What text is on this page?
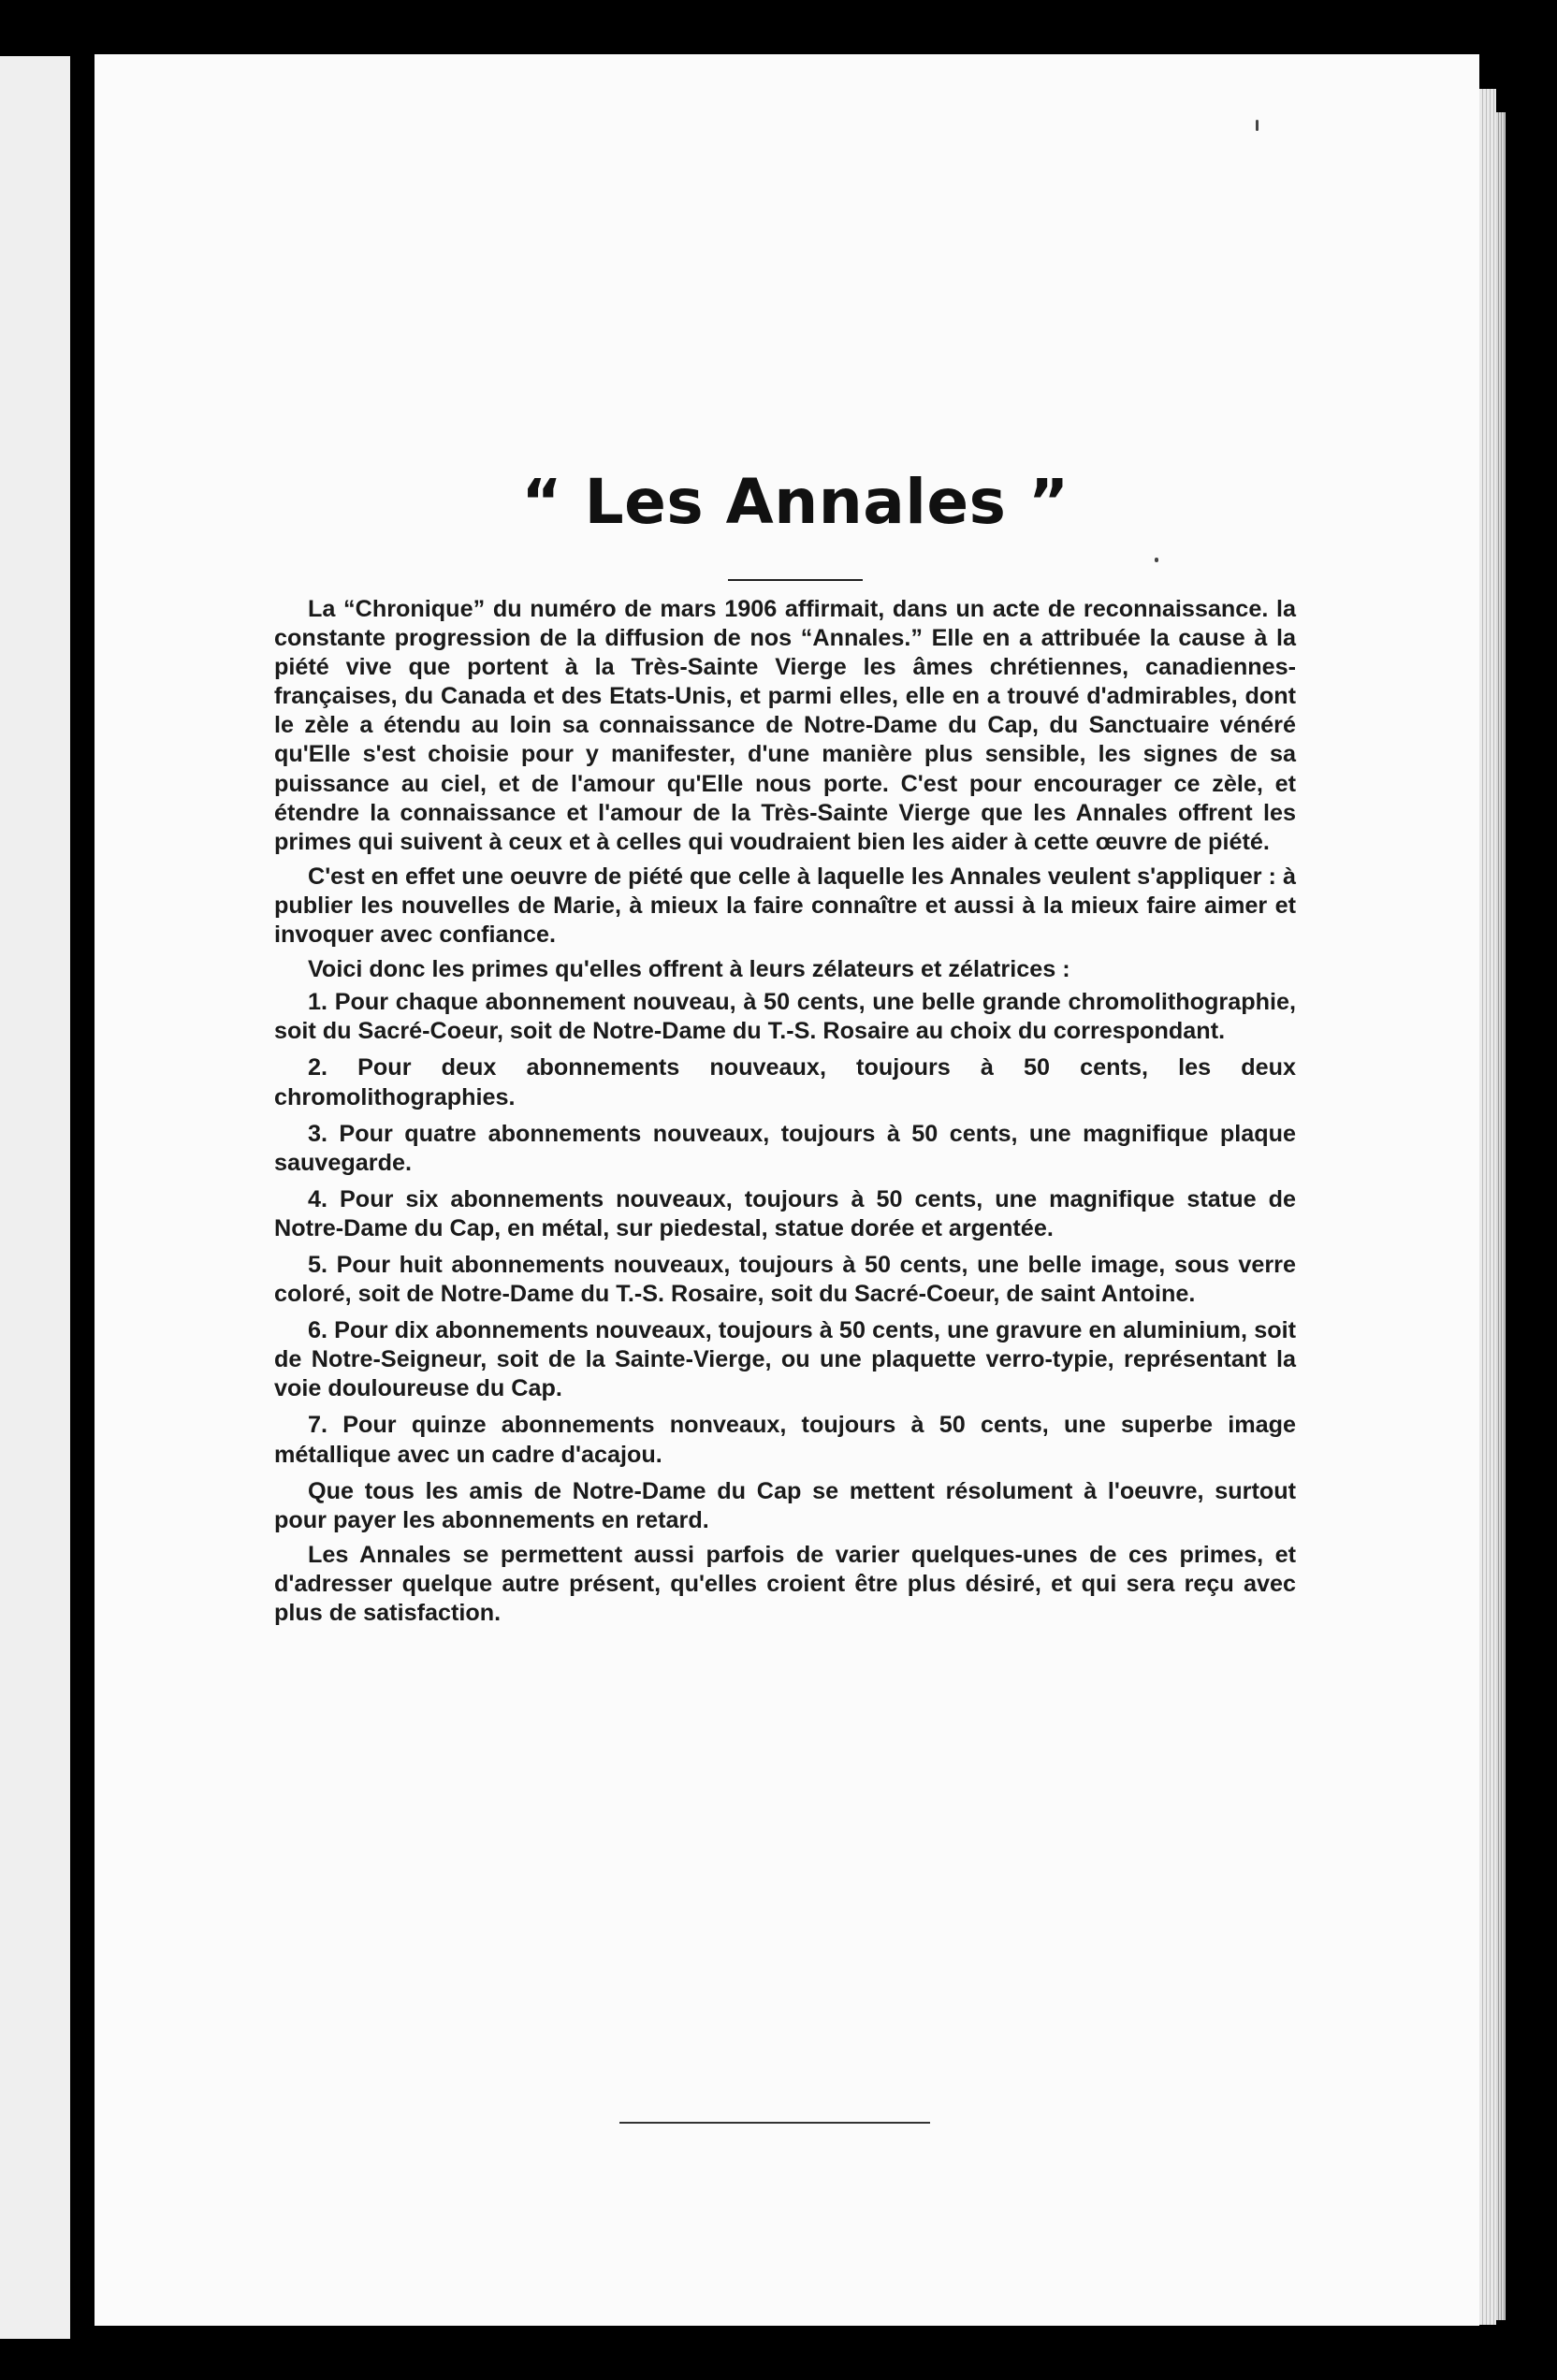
“ Les Annales ”

La “Chronique” du numéro de mars 1906 affirmait, dans un acte de reconnaissance. la constante progression de la diffusion de nos “Annales.” Elle en a attribuée la cause à la piété vive que portent à la Très-Sainte Vierge les âmes chrétiennes, canadiennes-françaises, du Canada et des Etats-Unis, et parmi elles, elle en a trouvé d'admirables, dont le zèle a étendu au loin sa connaissance de Notre-Dame du Cap, du Sanctuaire vénéré qu'Elle s'est choisie pour y manifester, d'une manière plus sensible, les signes de sa puissance au ciel, et de l'amour qu'Elle nous porte. C'est pour encourager ce zèle, et étendre la connaissance et l'amour de la Très-Sainte Vierge que les Annales offrent les primes qui suivent à ceux et à celles qui voudraient bien les aider à cette œuvre de piété.

C'est en effet une oeuvre de piété que celle à laquelle les Annales veulent s'appliquer : à publier les nouvelles de Marie, à mieux la faire connaître et aussi à la mieux faire aimer et invoquer avec confiance.

Voici donc les primes qu'elles offrent à leurs zélateurs et zélatrices :

1. Pour chaque abonnement nouveau, à 50 cents, une belle grande chromolithographie, soit du Sacré-Coeur, soit de Notre-Dame du T.-S. Rosaire au choix du correspondant.

2. Pour deux abonnements nouveaux, toujours à 50 cents, les deux chromolithographies.

3. Pour quatre abonnements nouveaux, toujours à 50 cents, une magnifique plaque sauvegarde.

4. Pour six abonnements nouveaux, toujours à 50 cents, une magnifique statue de Notre-Dame du Cap, en métal, sur piedestal, statue dorée et argentée.

5. Pour huit abonnements nouveaux, toujours à 50 cents, une belle image, sous verre coloré, soit de Notre-Dame du T.-S. Rosaire, soit du Sacré-Coeur, de saint Antoine.

6. Pour dix abonnements nouveaux, toujours à 50 cents, une gravure en aluminium, soit de Notre-Seigneur, soit de la Sainte-Vierge, ou une plaquette verro-typie, représentant la voie douloureuse du Cap.

7. Pour quinze abonnements nonveaux, toujours à 50 cents, une superbe image métallique avec un cadre d'acajou.

Que tous les amis de Notre-Dame du Cap se mettent résolument à l'oeuvre, surtout pour payer les abonnements en retard.

Les Annales se permettent aussi parfois de varier quelques-unes de ces primes, et d'adresser quelque autre présent, qu'elles croient être plus désiré, et qui sera reçu avec plus de satisfaction.
